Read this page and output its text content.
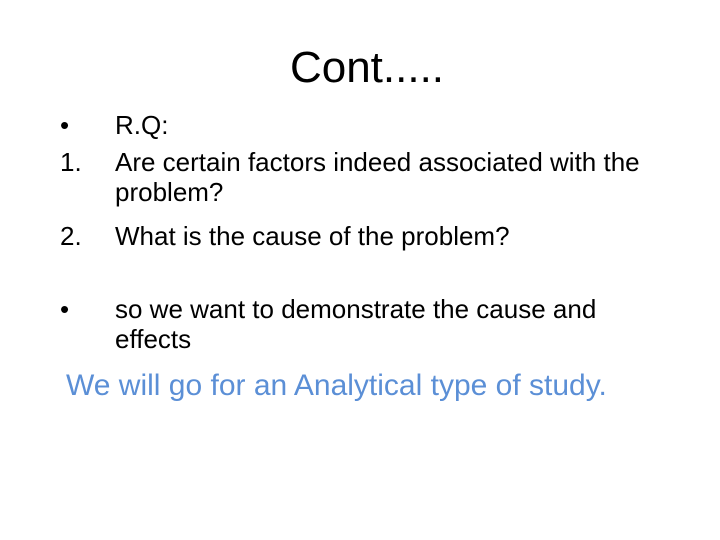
Cont.....
•	R.Q:
1.	Are certain factors indeed associated with the problem?
2.	What is the cause of the problem?
•	so we want to demonstrate the cause and effects
We will go for an Analytical type of study.
